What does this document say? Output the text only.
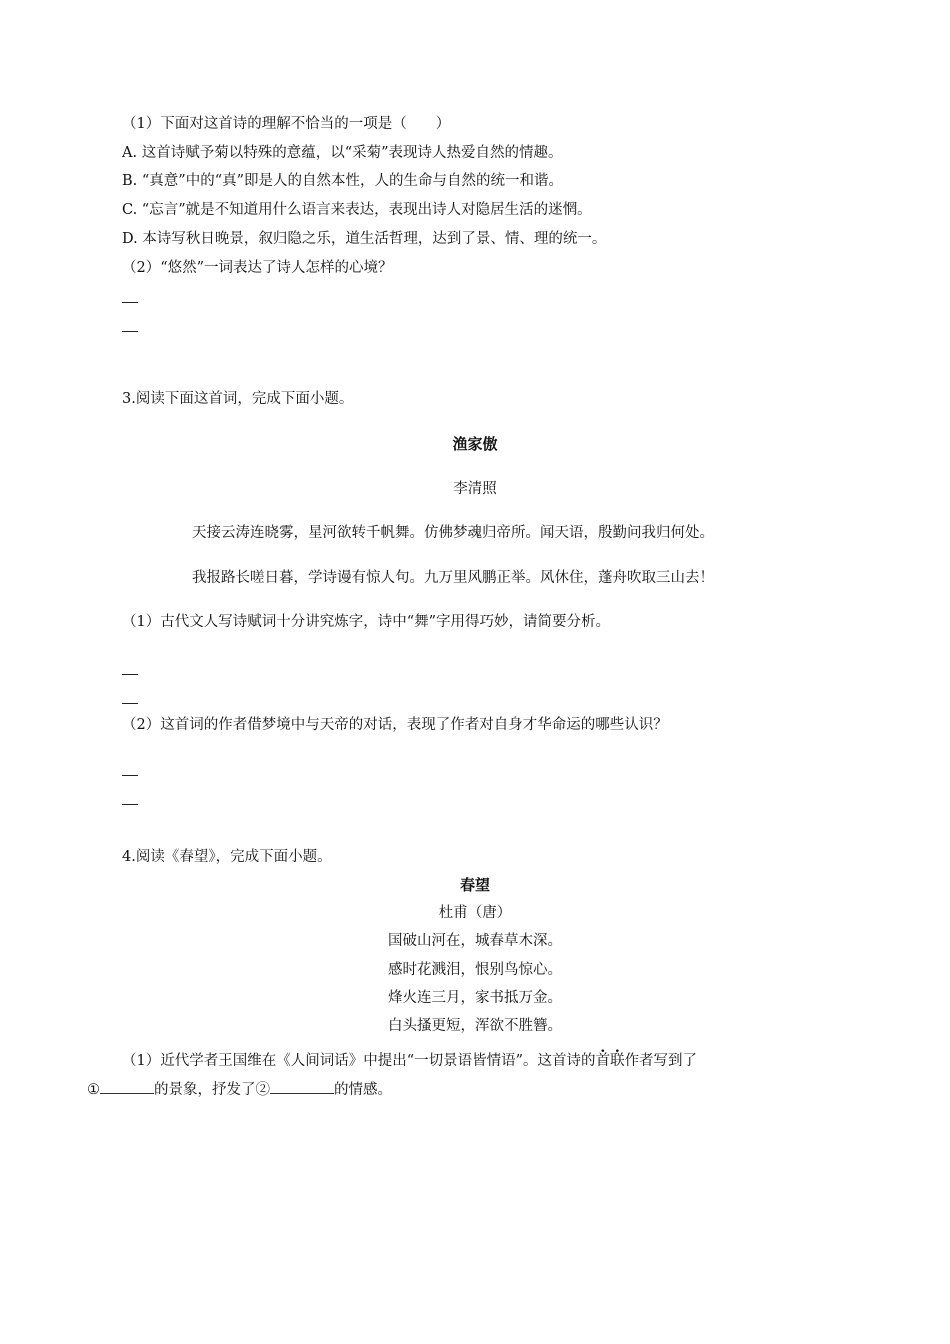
（1）下面对这首诗的理解不恰当的一项是（　　）
A. 这首诗赋予菊以特殊的意蕴，以“采菊”表现诗人热爱自然的情趣。
B. “真意”中的“真”即是人的自然本性，人的生命与自然的统一和谐。
C. “忘言”就是不知道用什么语言来表达，表现出诗人对隐居生活的迷惘。
D. 本诗写秋日晚景，叙归隐之乐，道生活哲理，达到了景、情、理的统一。
（2）“悠然”一词表达了诗人怎样的心境？
3.阅读下面这首词，完成下面小题。
渔家傲
李清照
天接云涛连晓雾，星河欲转千帆舞。仿佛梦魂归帝所。闻天语，殷勤问我归何处。
我报路长嗟日暮，学诗谩有惊人句。九万里风鹏正举。风休住，蓬舟吹取三山去！
（1）古代文人写诗赋词十分讲究炼字，诗中“舞”字用得巧妙，请简要分析。
（2）这首词的作者借梦境中与天帝的对话，表现了作者对自身才华命运的哪些认识？
4.阅读《春望》，完成下面小题。
春望
杜甫（唐）
国破山河在，城春草木深。
感时花溅泪，恨别鸟惊心。
烽火连三月，家书抵万金。
白头搔更短，浑欲不胜簪。
（1）近代学者王国维在《人间词话》中提出“一切景语皆情语”。这首诗的首联作者写到了
①	的景象，抒发了②	的情感。
